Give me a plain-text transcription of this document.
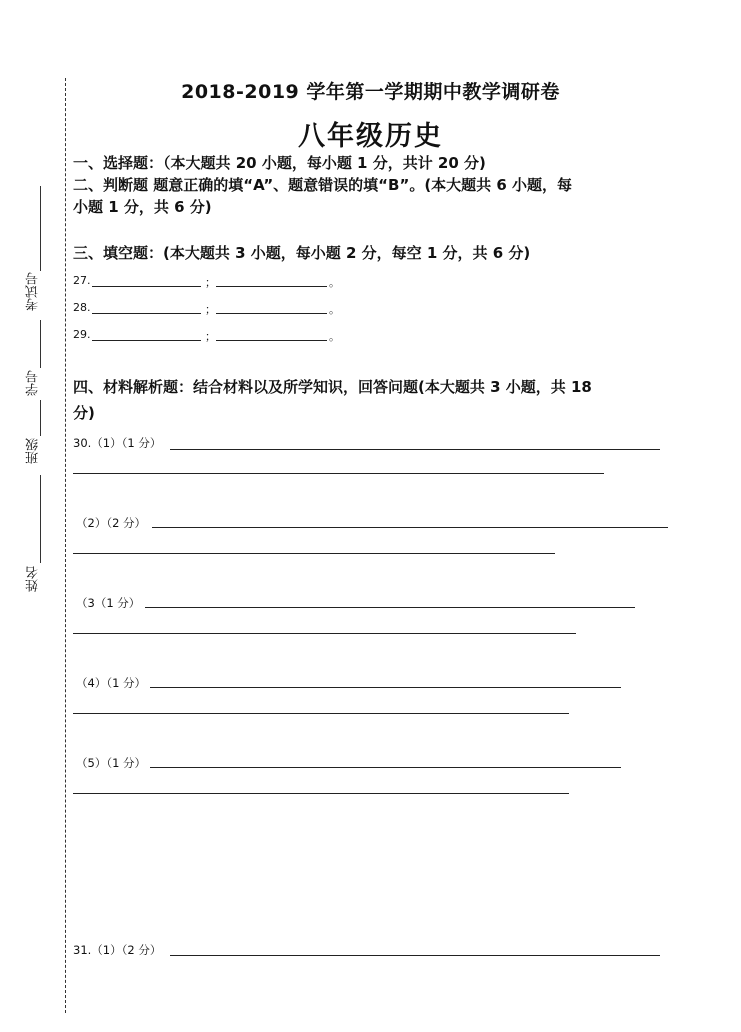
考试号
学号
班级
姓名
2018-2019 学年第一学期期中教学调研卷
八年级历史
一、选择题：（本大题共 20 小题，每小题 1 分，共计 20 分)
二、判断题 题意正确的填“A”、题意错误的填“B”。(本大题共 6 小题，每
小题 1 分，共 6 分)
三、填空题：(本大题共 3 小题，每小题 2 分，每空 1 分，共 6 分)
27.	；	。
28.	；	。
29.	；	。
四、材料解析题：结合材料以及所学知识，回答问题(本大题共 3 小题，共 18
分)
30.（1）（1 分）
（2）（2 分）
（3（1 分）
（4）（1 分）
（5）（1 分）
31.（1）（2 分）
